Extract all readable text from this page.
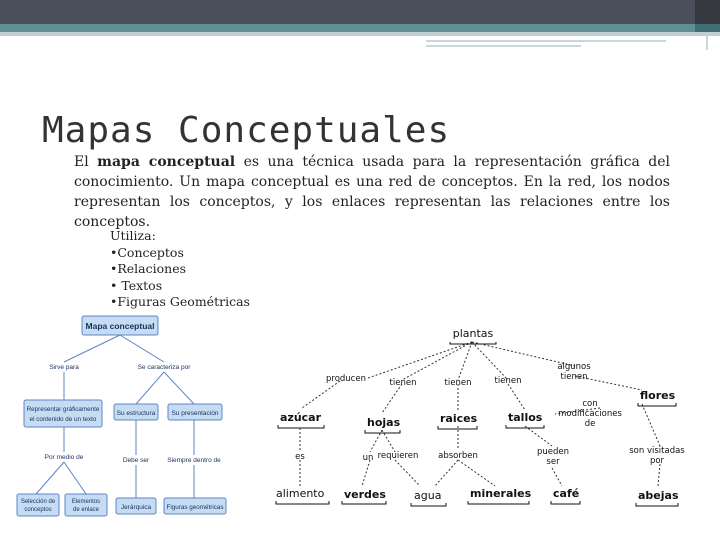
Mapas Conceptuales
El mapa conceptual es una técnica usada para la representación gráfica del conocimiento. Un mapa conceptual es una red de conceptos. En la red, los nodos representan los conceptos, y los enlaces representan las relaciones entre los conceptos.
Utiliza:
•Conceptos
•Relaciones
• Textos
•Figuras Geométricas
Mapa conceptual
Sirve para	Se caracteriza por
Representar gráficamente
el contenido de un texto
Su estructura Su presentación
Por medio de	Debe ser	Siempre dentro de
Selección de
conceptos
Elementos
de enlace	Jerárquica Figuras geométricas
plantas
producen	tienen	tienen	tienen
algunos
tienen
azúcar	hojas	raices	tallos
flores
con
modificaciones
de
es	un requieren absorben	pueden
ser
son visitadas
por
alimento verdes	agua	minerales café	abejas
